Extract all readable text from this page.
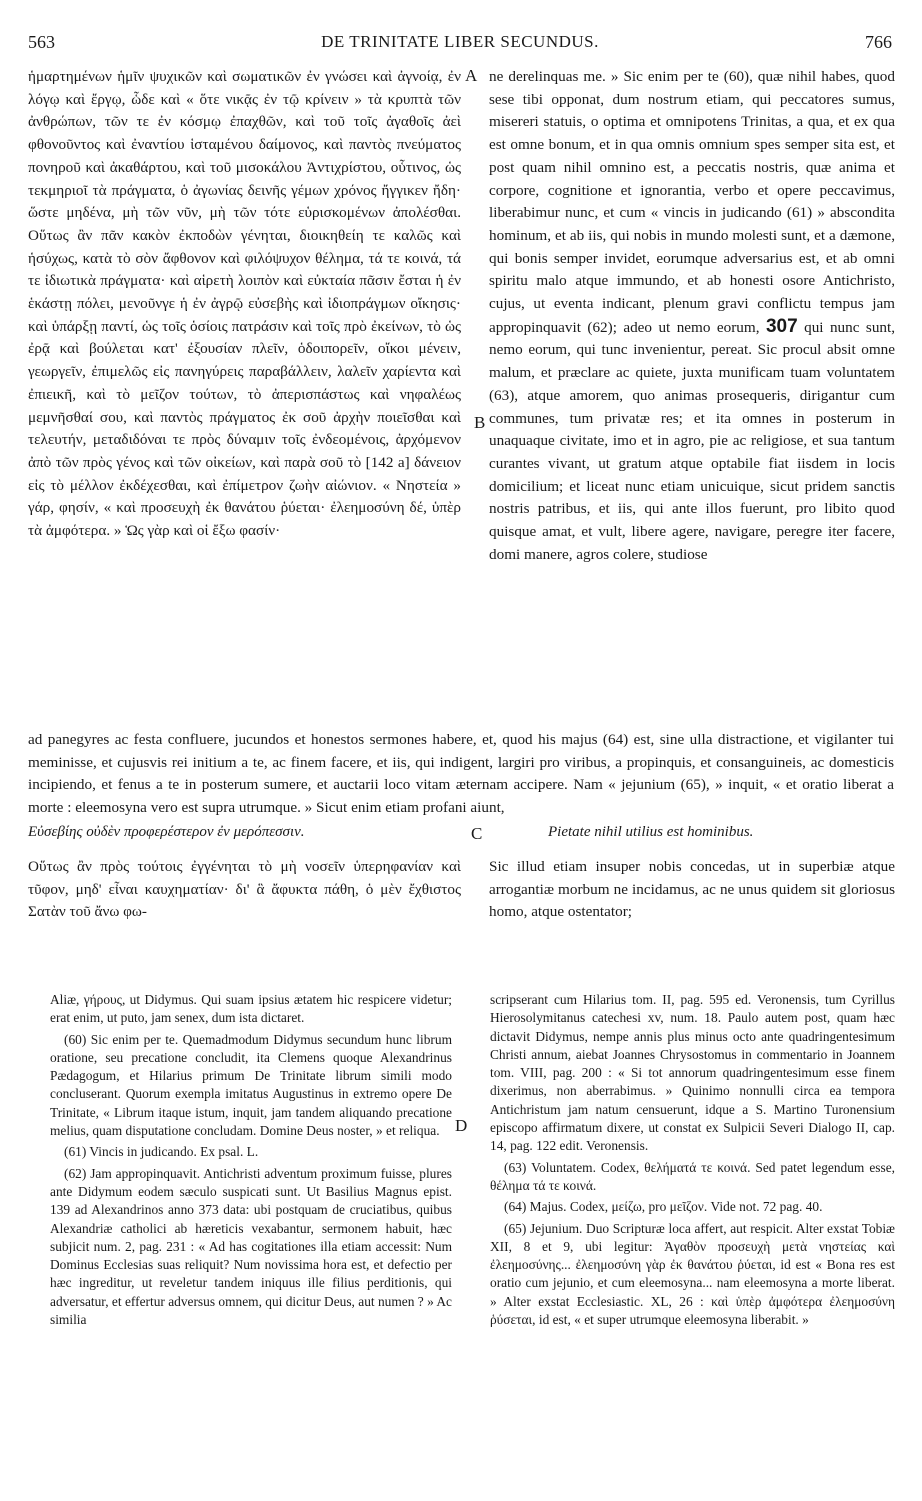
563	DE TRINITATE LIBER SECUNDUS.	766
A
B
C
D

ἡμαρτημένων ἡμῖν ψυχικῶν καὶ σωματικῶν ἐν γνώσει καὶ ἀγνοίᾳ, ἐν λόγῳ καὶ ἔργῳ, ὧδε καὶ « ὅτε νικᾷς ἐν τῷ κρίνειν » τὰ κρυπτὰ τῶν ἀνθρώπων, τῶν τε ἐν κόσμῳ ἐπαχθῶν, καὶ τοῦ τοῖς ἀγαθοῖς ἀεὶ φθονοῦντος καὶ ἐναντίου ἱσταμένου δαίμονος, καὶ παντὸς πνεύματος πονηροῦ καὶ ἀκαθάρτου, καὶ τοῦ μισοκάλου Ἀντιχρίστου, οὗτινος, ὡς τεκμηριοῖ τὰ πράγματα, ὁ ἀγωνίας δεινῆς γέμων χρόνος ἤγγικεν ἤδη· ὥστε μηδένα, μὴ τῶν νῦν, μὴ τῶν τότε εὑρισκομένων ἀπολέσθαι. Οὕτως ἂν πᾶν κακὸν ἐκποδὼν γένηται, διοικηθείη τε καλῶς καὶ ἡσύχως, κατὰ τὸ σὸν ἄφθονον καὶ φιλόψυχον θέλημα, τά τε κοινά, τά τε ἰδιωτικὰ πράγματα· καὶ αἱρετὴ λοιπὸν καὶ εὐκταία πᾶσιν ἔσται ἡ ἐν ἑκάστῃ πόλει, μενοῦνγε ἡ ἐν ἀγρῷ εὐσεβὴς καὶ ἰδιοπράγμων οἴκησις· καὶ ὑπάρξῃ παντί, ὡς τοῖς ὁσίοις πατράσιν καὶ τοῖς πρὸ ἐκείνων, τὸ ὡς ἐρᾷ καὶ βούλεται κατ' ἐξουσίαν πλεῖν, ὁδοιπορεῖν, οἴκοι μένειν, γεωργεῖν, ἐπιμελῶς εἰς πανηγύρεις παραβάλλειν, λαλεῖν χαρίεντα καὶ ἐπιεικῆ, καὶ τὸ μεῖζον τούτων, τὸ ἀπερισπάστως καὶ νηφαλέως μεμνῆσθαί σου, καὶ παντὸς πράγματος ἐκ σοῦ ἀρχὴν ποιεῖσθαι καὶ τελευτήν, μεταδιδόναι τε πρὸς δύναμιν τοῖς ἐνδεομένοις, ἀρχόμενον ἀπὸ τῶν πρὸς γένος καὶ τῶν οἰκείων, καὶ παρὰ σοῦ τὸ [142 a] δάνειον εἰς τὸ μέλλον ἐκδέχεσθαι, καὶ ἐπίμετρον ζωὴν αἰώνιον. « Νηστεία » γάρ, φησίν, « καὶ προσευχὴ ἐκ θανάτου ῥύεται· ἐλεημοσύνη δέ, ὑπὲρ τὰ ἀμφότερα. » Ὡς γὰρ καὶ οἱ ἔξω φασίν·

ne derelinquas me. » Sic enim per te (60), quæ nihil habes, quod sese tibi opponat, dum nostrum etiam, qui peccatores sumus, misereri statuis, o optima et omnipotens Trinitas, a qua, et ex qua est omne bonum, et in qua omnis omnium spes semper sita est, et post quam nihil omnino est, a peccatis nostris, quæ anima et corpore, cognitione et ignorantia, verbo et opere peccavimus, liberabimur nunc, et cum « vincis in judicando (61) » abscondita hominum, et ab iis, qui nobis in mundo molesti sunt, et a dæmone, qui bonis semper invidet, eorumque adversarius est, et ab omni spiritu malo atque immundo, et ab honesti osore Antichristo, cujus, ut eventa indicant, plenum gravi conflictu tempus jam appropinquavit (62); adeo ut nemo eorum, 307 qui nunc sunt, nemo eorum, qui tunc invenientur, pereat. Sic procul absit omne malum, et præclare ac quiete, juxta munificam tuam voluntatem (63), atque amorem, quo animas prosequeris, dirigantur cum communes, tum privatæ res; et ita omnes in posterum in unaquaque civitate, imo et in agro, pie ac religiose, et sua tantum curantes vivant, ut gratum atque optabile fiat iisdem in locis domicilium; et liceat nunc etiam unicuique, sicut pridem sanctis nostris patribus, et iis, qui ante illos fuerunt, pro libito quod quisque amat, et vult, libere agere, navigare, peregre iter facere, domi manere, agros colere, studiose

ad panegyres ac festa confluere, jucundos et honestos sermones habere, et, quod his majus (64) est, sine ulla distractione, et vigilanter tui meminisse, et cujusvis rei initium a te, ac finem facere, et iis, qui indigent, largiri pro viribus, a propinquis, et consanguineis, ac domesticis incipiendo, et fenus a te in posterum sumere, et auctarii loco vitam æternam accipere. Nam « jejunium (65), » inquit, « et oratio liberat a morte : eleemosyna vero est supra utrumque. » Sicut enim etiam profani aiunt,

Εὐσεβίης οὐδὲν προφερέστερον ἐν μερόπεσσιν.	Pietate nihil utilius est hominibus.

Οὕτως ἂν πρὸς τούτοις ἐγγένηται τὸ μὴ νοσεῖν ὑπερηφανίαν καὶ τῦφον, μηδ' εἶναι καυχηματίαν· δι' ἃ ἄφυκτα πάθη, ὁ μὲν ἔχθιστος Σατὰν τοῦ ἄνω φω-

Sic illud etiam insuper nobis concedas, ut in superbiæ atque arrogantiæ morbum ne incidamus, ac ne unus quidem sit gloriosus homo, atque ostentator;

Aliæ, γήρους, ut Didymus. Qui suam ipsius ætatem hic respicere videtur; erat enim, ut puto, jam senex, dum ista dictaret.

(60) Sic enim per te. Quemadmodum Didymus secundum hunc librum oratione, seu precatione concludit, ita Clemens quoque Alexandrinus Pædagogum, et Hilarius primum De Trinitate librum simili modo concluserant. Quorum exempla imitatus Augustinus in extremo opere De Trinitate, « Librum itaque istum, inquit, jam tandem aliquando precatione melius, quam disputatione concludam. Domine Deus noster, » et reliqua.

(61) Vincis in judicando. Ex psal. L.

(62) Jam appropinquavit. Antichristi adventum proximum fuisse, plures ante Didymum eodem sæculo suspicati sunt. Ut Basilius Magnus epist. 139 ad Alexandrinos anno 373 data: ubi postquam de cruciatibus, quibus Alexandriæ catholici ab hæreticis vexabantur, sermonem habuit, hæc subjicit num. 2, pag. 231 : « Ad has cogitationes illa etiam accessit: Num Dominus Ecclesias suas reliquit? Num novissima hora est, et defectio per hæc ingreditur, ut reveletur tandem iniquus ille filius perditionis, qui adversatur, et effertur adversus omnem, qui dicitur Deus, aut numen ? » Ac similia

scripserant cum Hilarius tom. II, pag. 595 ed. Veronensis, tum Cyrillus Hierosolymitanus catechesi xv, num. 18. Paulo autem post, quam hæc dictavit Didymus, nempe annis plus minus octo ante quadringentesimum Christi annum, aiebat Joannes Chrysostomus in commentario in Joannem tom. VIII, pag. 200 : « Si tot annorum quadringentesimum esse finem dixerimus, non aberrabimus. » Quinimo nonnulli circa ea tempora Antichristum jam natum censuerunt, idque a S. Martino Turonensium episcopo affirmatum dixere, ut constat ex Sulpicii Severi Dialogo II, cap. 14, pag. 122 edit. Veronensis.

(63) Voluntatem. Codex, θελήματά τε κοινά. Sed patet legendum esse, θέλημα τά τε κοινά.

(64) Majus. Codex, μείζω, pro μεῖζον. Vide not. 72 pag. 40.

(65) Jejunium. Duo Scripturæ loca affert, aut respicit. Alter exstat Tobiæ XII, 8 et 9, ubi legitur: Ἀγαθὸν προσευχὴ μετὰ νηστείας καὶ ἐλεημοσύνης... ἐλεημοσύνη γὰρ ἐκ θανάτου ῥύεται, id est « Bona res est oratio cum jejunio, et cum eleemosyna... nam eleemosyna a morte liberat. » Alter exstat Ecclesiastic. XL, 26 : καὶ ὑπὲρ ἀμφότερα ἐλεημοσύνη ῥύσεται, id est, « et super utrumque eleemosyna liberabit. »
